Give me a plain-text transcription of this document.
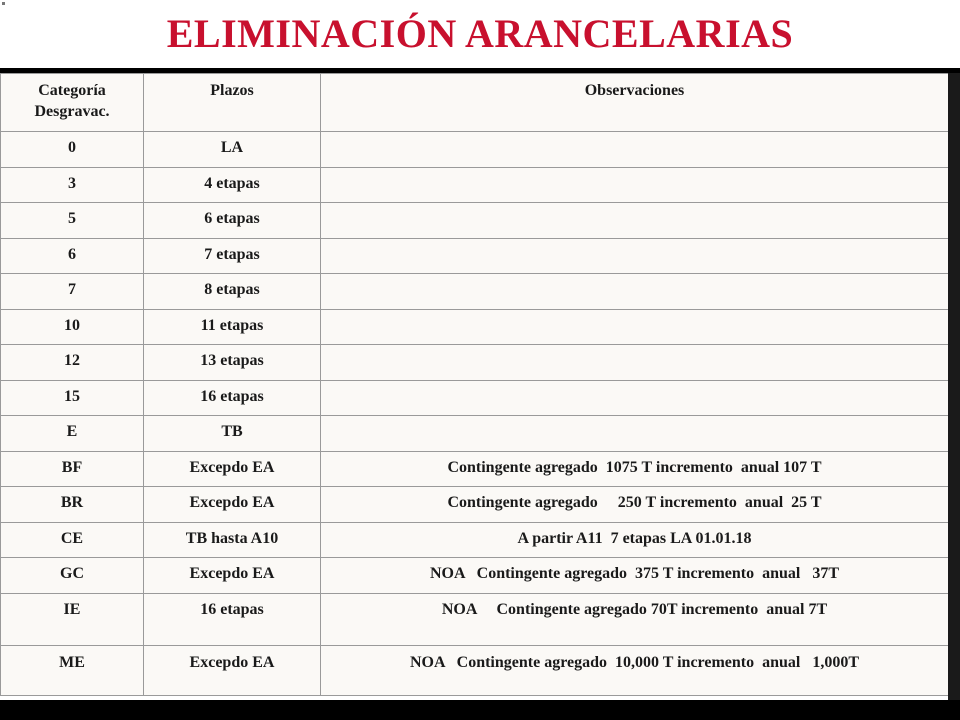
ELIMINACIÓN ARANCELARIAS
Categoría Desgravac.	Plazos	Observaciones
0	LA	
3	4 etapas	
5	6 etapas	
6	7 etapas	
7	8 etapas	
10	11 etapas	
12	13 etapas	
15	16 etapas	
E	TB	
BF	Excepdo EA	Contingente agregado  1075 T incremento  anual 107 T
BR	Excepdo EA	Contingente agregado     250 T incremento  anual  25 T
CE	TB hasta A10	A partir A11  7 etapas LA 01.01.18
GC	Excepdo EA	NOA   Contingente agregado  375 T incremento  anual   37T
IE	16 etapas	NOA     Contingente agregado 70T incremento  anual 7T
ME	Excepdo EA	NOA   Contingente agregado  10,000 T incremento  anual   1,000T
